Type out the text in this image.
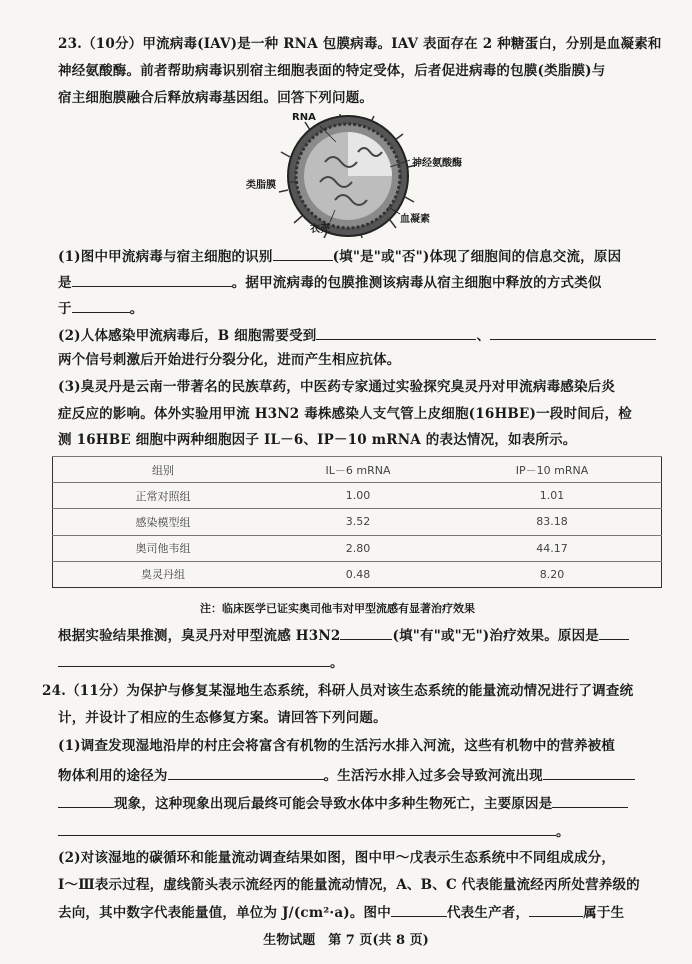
23.（10分）甲流病毒(IAV)是一种 RNA 包膜病毒。IAV 表面存在 2 种糖蛋白，分别是血凝素和
神经氨酸酶。前者帮助病毒识别宿主细胞表面的特定受体，后者促进病毒的包膜(类脂膜)与
宿主细胞膜融合后释放病毒基因组。回答下列问题。
RNA
类脂膜
神经氨酸酶
衣壳
血凝素
(1)图中甲流病毒与宿主细胞的识别	(填"是"或"否")体现了细胞间的信息交流，原因
是	。据甲流病毒的包膜推测该病毒从宿主细胞中释放的方式类似
于	。
(2)人体感染甲流病毒后，B 细胞需要受到	、
两个信号刺激后开始进行分裂分化，进而产生相应抗体。
(3)臭灵丹是云南一带著名的民族草药，中医药专家通过实验探究臭灵丹对甲流病毒感染后炎
症反应的影响。体外实验用甲流 H3N2 毒株感染人支气管上皮细胞(16HBE)一段时间后，检
测 16HBE 细胞中两种细胞因子 IL－6、IP－10 mRNA 的表达情况，如表所示。
组别	IL－6 mRNA	IP－10 mRNA
正常对照组	1.00	1.01
感染模型组	3.52	83.18
奥司他韦组	2.80	44.17
臭灵丹组	0.48	8.20
注：临床医学已证实奥司他韦对甲型流感有显著治疗效果
根据实验结果推测，臭灵丹对甲型流感 H3N2	(填"有"或"无")治疗效果。原因是
。
24.（11分）为保护与修复某湿地生态系统，科研人员对该生态系统的能量流动情况进行了调查统
计，并设计了相应的生态修复方案。请回答下列问题。
(1)调查发现湿地沿岸的村庄会将富含有机物的生活污水排入河流，这些有机物中的营养被植
物体利用的途径为	。生活污水排入过多会导致河流出现
现象，这种现象出现后最终可能会导致水体中多种生物死亡，主要原因是
。
(2)对该湿地的碳循环和能量流动调查结果如图，图中甲～戊表示生态系统中不同组成成分，
Ⅰ～Ⅲ表示过程，虚线箭头表示流经丙的能量流动情况，A、B、C 代表能量流经丙所处营养级的
去向，其中数字代表能量值，单位为 J/(cm²·a)。图中	代表生产者，	属于生
生物试题　第 7 页(共 8 页)
